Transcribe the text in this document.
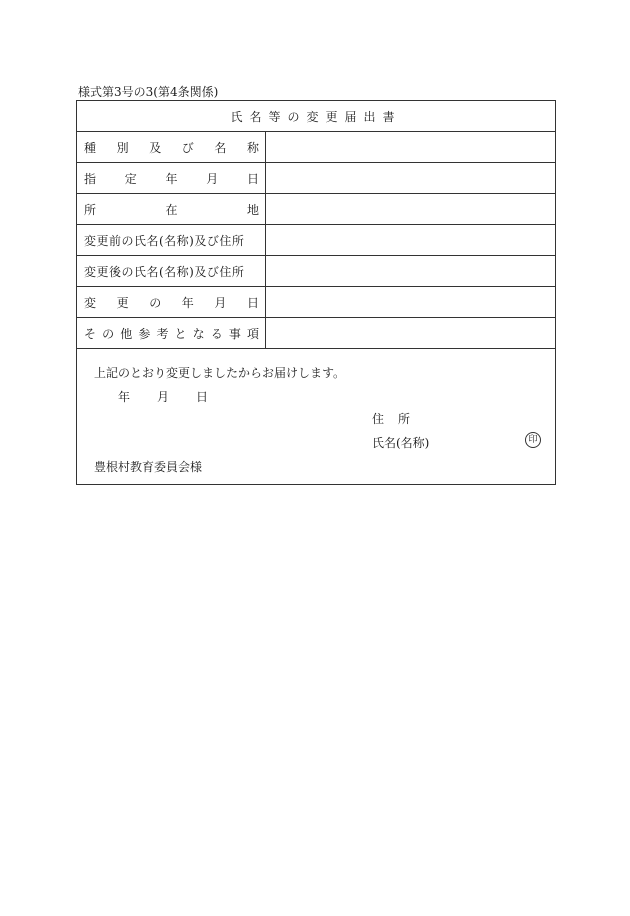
様式第3号の3(第4条関係)
氏名等の変更届出書
種 別 及 び 名 称
指 定 年 月 日
所	在	地
変更前の氏名(名称)及び住所
変更後の氏名(名称)及び住所
変 更 の 年 月 日
そ の 他 参 考 と な る 事 項
上記のとおり変更しましたからお届けします。
年 月 日
住 所
氏名(名称)	印
豊根村教育委員会様
